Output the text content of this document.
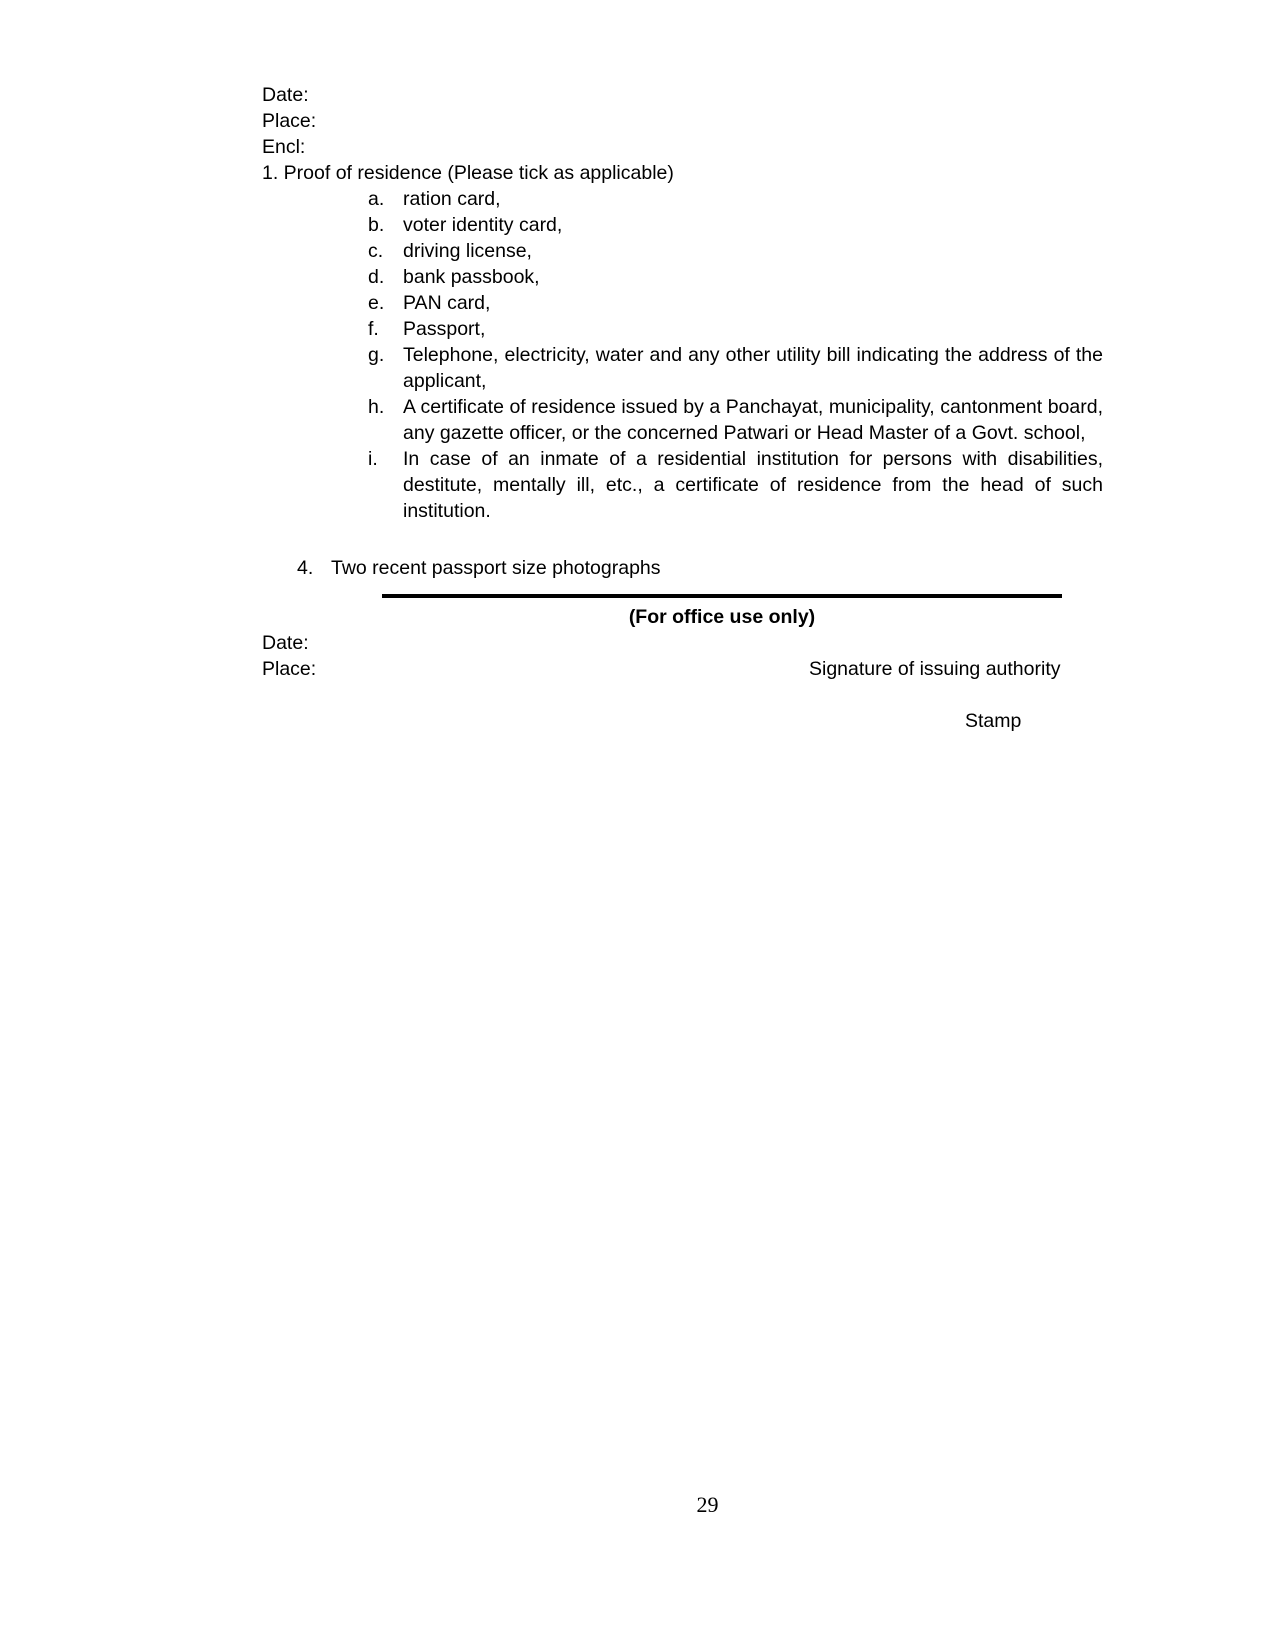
Date:
Place:
Encl:
1. Proof of residence (Please tick as applicable)
a. ration card,
b. voter identity card,
c.	driving license,
d. bank passbook,
e. PAN card,
f.	Passport,
g. Telephone, electricity, water and any other utility bill indicating the address of the applicant,
h. A certificate of residence issued by a Panchayat, municipality, cantonment board, any gazette officer, or the concerned Patwari or Head Master of a Govt. school,
i.	In case of an inmate of a residential institution for persons with disabilities, destitute, mentally ill, etc., a certificate of residence from the head of such institution.
4. Two recent passport size photographs
(For office use only)
Date:
Place:	Signature of issuing authority
Stamp
29
